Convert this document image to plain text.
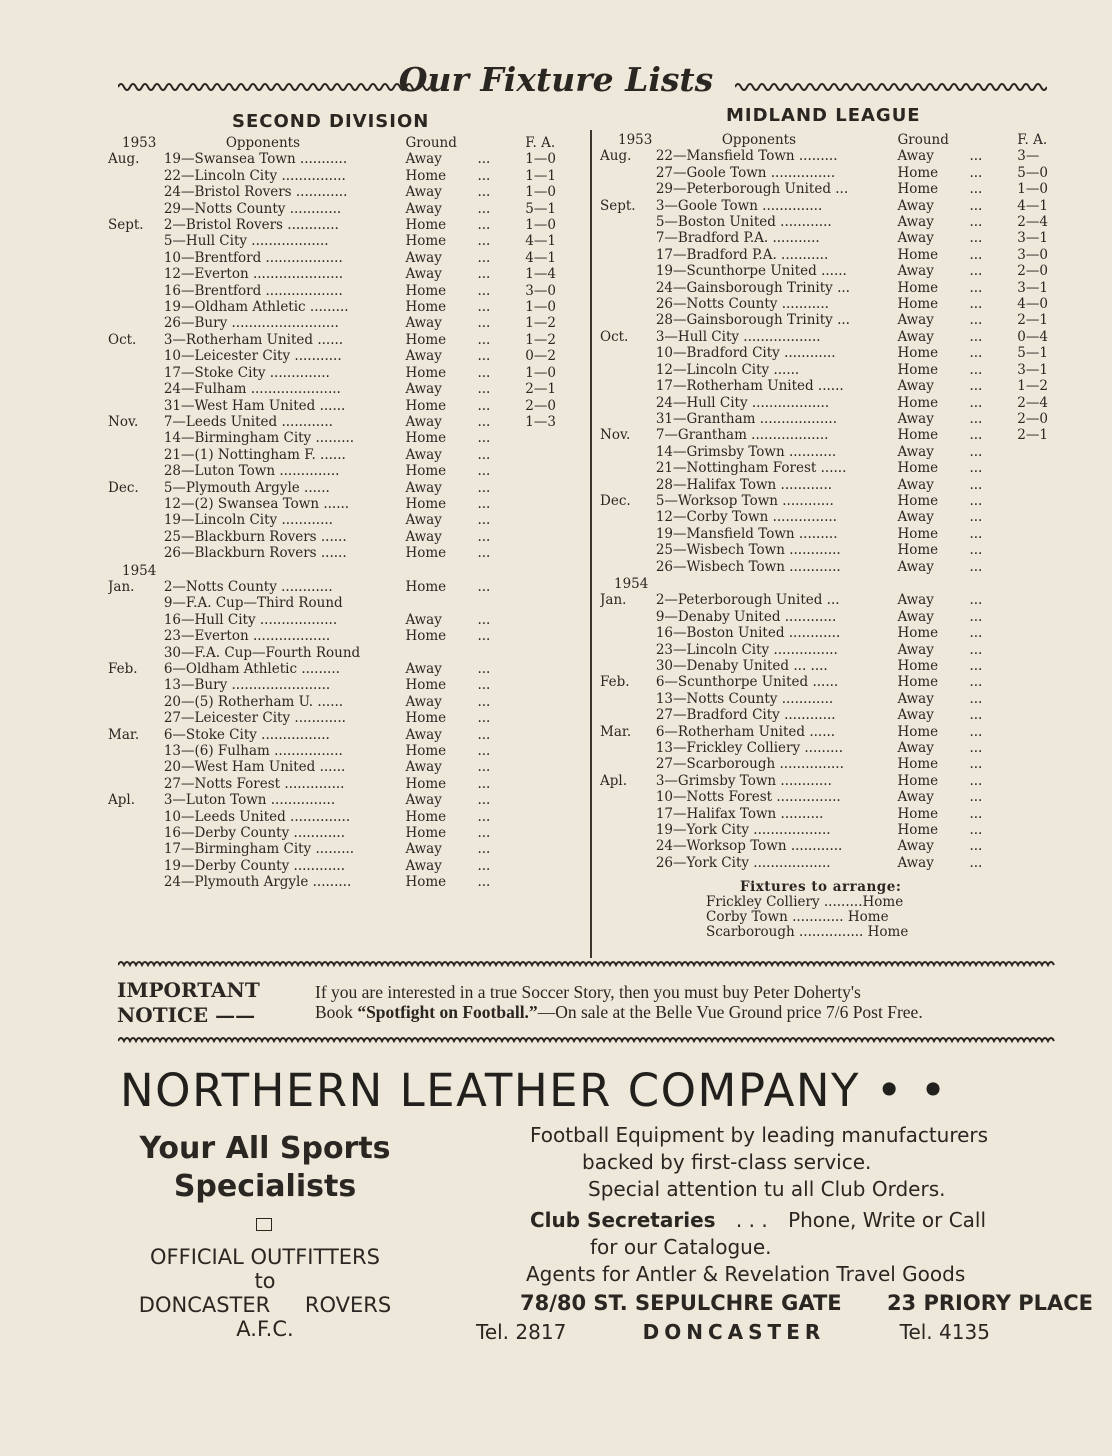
Our Fixture Lists
SECOND DIVISION	MIDLAND LEAGUE
1953	Opponents	Ground		F. A.
Aug.	19—Swansea Town ...........	Away	...	1—0
	22—Lincoln City ...............	Home	...	1—1
	24—Bristol Rovers ............	Away	...	1—0
	29—Notts County ............	Away	...	5—1
Sept.	2—Bristol Rovers ............	Home	...	1—0
	5—Hull City ..................	Home	...	4—1
	10—Brentford ..................	Away	...	4—1
	12—Everton .....................	Away	...	1—4
	16—Brentford ..................	Home	...	3—0
	19—Oldham Athletic .........	Home	...	1—0
	26—Bury .........................	Away	...	1—2
Oct.	3—Rotherham United ......	Home	...	1—2
	10—Leicester City ...........	Away	...	0—2
	17—Stoke City ..............	Home	...	1—0
	24—Fulham .....................	Away	...	2—1
	31—West Ham United ......	Home	...	2—0
Nov.	7—Leeds United ............	Away	...	1—3
	14—Birmingham City .........	Home	...	
	21—(1) Nottingham F. ......	Away	...	
	28—Luton Town ..............	Home	...	
Dec.	5—Plymouth Argyle ......	Away	...	
	12—(2) Swansea Town ......	Home	...	
	19—Lincoln City ............	Away	...	
	25—Blackburn Rovers ......	Away	...	
	26—Blackburn Rovers ......	Home	...	
1954				
Jan.	2—Notts County ............	Home	...	
	9—F.A. Cup—Third Round			
	16—Hull City ..................	Away	...	
	23—Everton ..................	Home	...	
	30—F.A. Cup—Fourth Round			
Feb.	6—Oldham Athletic .........	Away	...	
	13—Bury .......................	Home	...	
	20—(5) Rotherham U. ......	Away	...	
	27—Leicester City ............	Home	...	
Mar.	6—Stoke City ................	Away	...	
	13—(6) Fulham ................	Home	...	
	20—West Ham United ......	Away	...	
	27—Notts Forest ..............	Home	...	
Apl.	3—Luton Town ...............	Away	...	
	10—Leeds United ..............	Home	...	
	16—Derby County ............	Home	...	
	17—Birmingham City .........	Away	...	
	19—Derby County ............	Away	...	
	24—Plymouth Argyle .........	Home	...	
1953	Opponents	Ground		F. A.
Aug.	22—Mansfield Town .........	Away	...	3—
	27—Goole Town ...............	Home	...	5—0
	29—Peterborough United ...	Home	...	1—0
Sept.	3—Goole Town ..............	Away	...	4—1
	5—Boston United ............	Away	...	2—4
	7—Bradford P.A. ...........	Away	...	3—1
	17—Bradford P.A. ...........	Home	...	3—0
	19—Scunthorpe United ......	Away	...	2—0
	24—Gainsborough Trinity ...	Home	...	3—1
	26—Notts County ...........	Home	...	4—0
	28—Gainsborough Trinity ...	Away	...	2—1
Oct.	3—Hull City ..................	Away	...	0—4
	10—Bradford City ............	Home	...	5—1
	12—Lincoln City ......	Home	...	3—1
	17—Rotherham United ......	Away	...	1—2
	24—Hull City ..................	Home	...	2—4
	31—Grantham ..................	Away	...	2—0
Nov.	7—Grantham ..................	Home	...	2—1
	14—Grimsby Town ...........	Away	...	
	21—Nottingham Forest ......	Home	...	
	28—Halifax Town ............	Away	...	
Dec.	5—Worksop Town ............	Home	...	
	12—Corby Town ...............	Away	...	
	19—Mansfield Town .........	Home	...	
	25—Wisbech Town ............	Home	...	
	26—Wisbech Town ............	Away	...	
1954				
Jan.	2—Peterborough United ...	Away	...	
	9—Denaby United ............	Away	...	
	16—Boston United ............	Home	...	
	23—Lincoln City ...............	Away	...	
	30—Denaby United ... ....	Home	...	
Feb.	6—Scunthorpe United ......	Home	...	
	13—Notts County ............	Away	...	
	27—Bradford City ............	Away	...	
Mar.	6—Rotherham United ......	Home	...	
	13—Frickley Colliery .........	Away	...	
	27—Scarborough ...............	Home	...	
Apl.	3—Grimsby Town ............	Home	...	
	10—Notts Forest ...............	Away	...	
	17—Halifax Town ..........	Home	...	
	19—York City ..................	Home	...	
	24—Worksop Town ............	Away	...	
	26—York City ..................	Away	...	
Fixtures to arrange:
Frickley Colliery .........Home
Corby Town ............ Home
Scarborough ............... Home
IMPORTANT
NOTICE ——
If you are interested in a true Soccer Story, then you must buy Peter Doherty's
Book “Spotfight on Football.”—On sale at the Belle Vue Ground price 7/6 Post Free.
NORTHERN LEATHER COMPANY • •
Your All Sports
Specialists
OFFICIAL OUTFITTERS
to
DONCASTER ROVERS
A.F.C.
Football Equipment by leading manufacturers
backed by first-class service.
Special attention tu all Club Orders.
Club Secretaries . . . Phone, Write or Call
for our Catalogue.
Agents for Antler & Revelation Travel Goods
78/80 ST. SEPULCHRE GATE 23 PRIORY PLACE
Tel. 2817	DONCASTER	Tel. 4135
